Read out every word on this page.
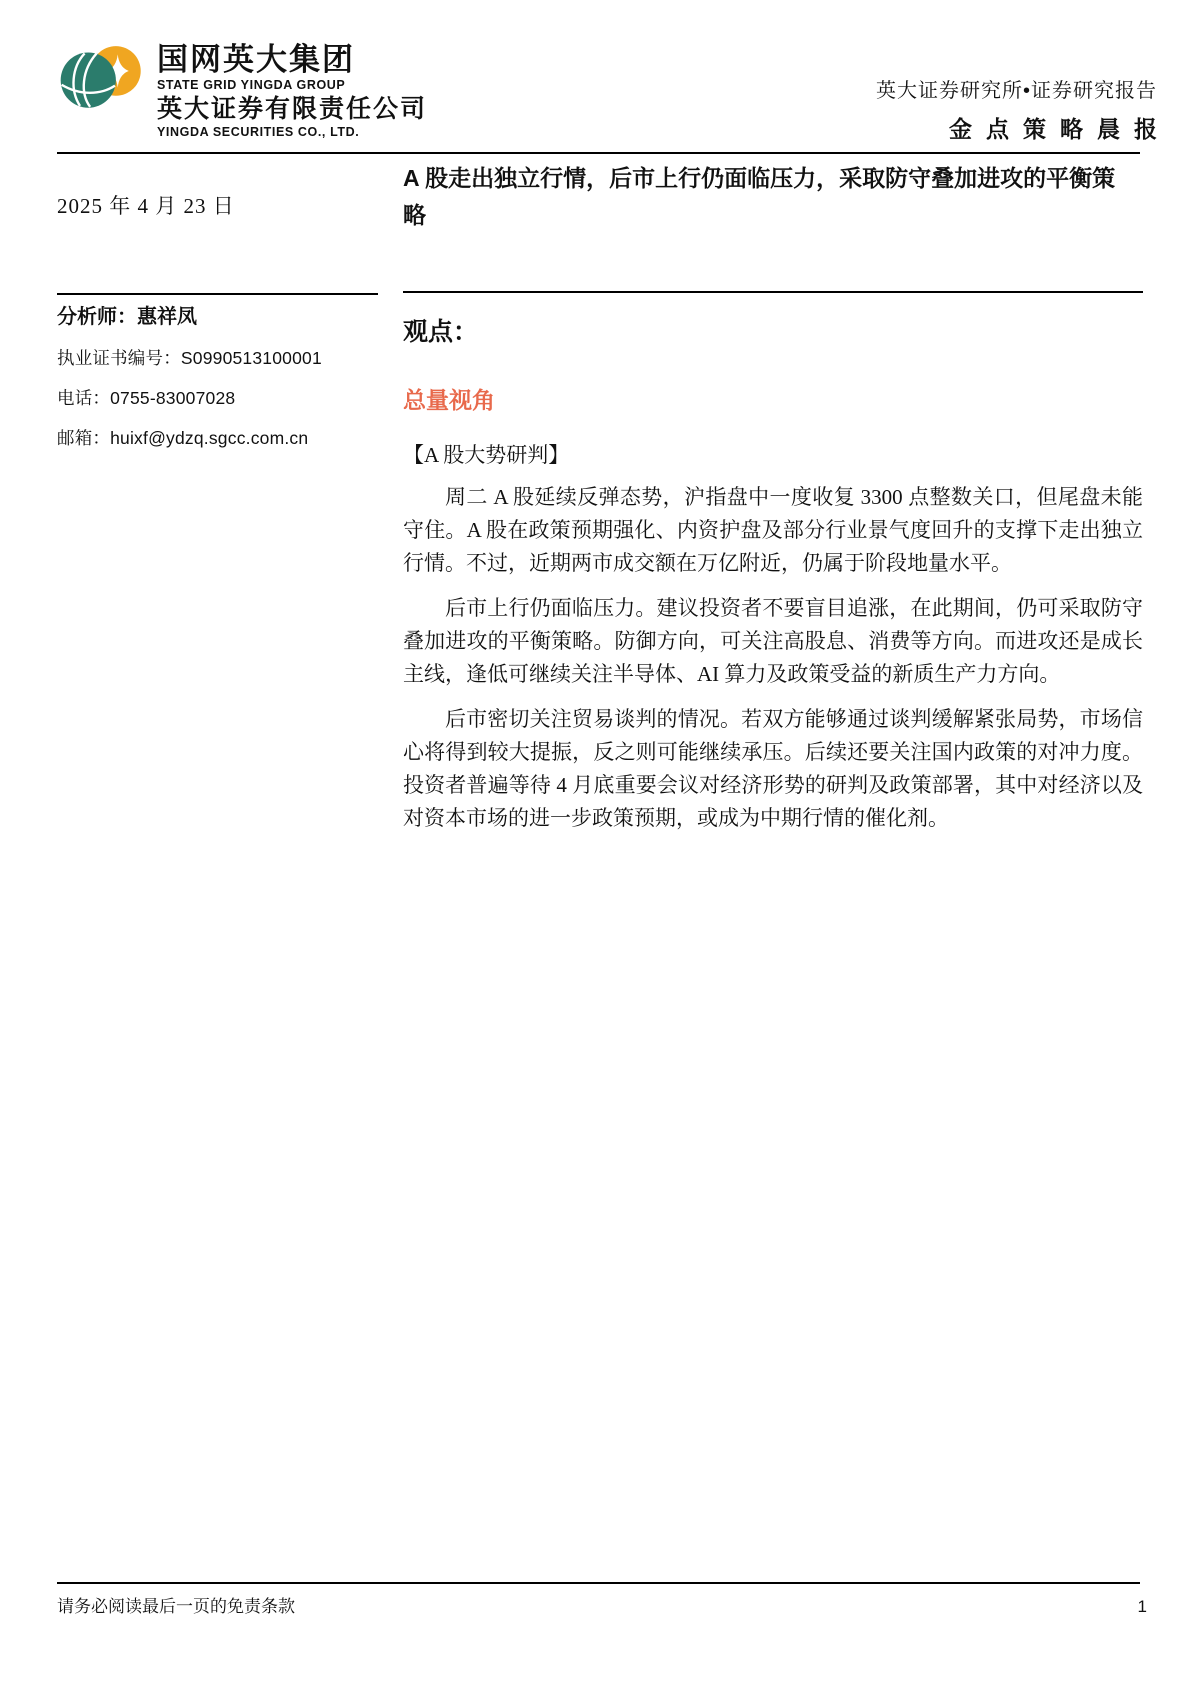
国网英大集团
STATE GRID YINGDA GROUP
英大证券有限责任公司
YINGDA SECURITIES CO., LTD.
英大证券研究所•证券研究报告
金点策略晨报
2025 年 4 月 23 日
A 股走出独立行情，后市上行仍面临压力，采取防守叠加进攻的平衡策略
分析师：惠祥凤
执业证书编号：S0990513100001
电话：0755-83007028
邮箱：huixf@ydzq.sgcc.com.cn
观点：
总量视角
【A 股大势研判】

周二 A 股延续反弹态势，沪指盘中一度收复 3300 点整数关口，但尾盘未能守住。A 股在政策预期强化、内资护盘及部分行业景气度回升的支撑下走出独立行情。不过，近期两市成交额在万亿附近，仍属于阶段地量水平。

后市上行仍面临压力。建议投资者不要盲目追涨，在此期间，仍可采取防守叠加进攻的平衡策略。防御方向，可关注高股息、消费等方向。而进攻还是成长主线，逢低可继续关注半导体、AI 算力及政策受益的新质生产力方向。

后市密切关注贸易谈判的情况。若双方能够通过谈判缓解紧张局势，市场信心将得到较大提振，反之则可能继续承压。后续还要关注国内政策的对冲力度。投资者普遍等待 4 月底重要会议对经济形势的研判及政策部署，其中对经济以及对资本市场的进一步政策预期，或成为中期行情的催化剂。

请务必阅读最后一页的免责条款	1
